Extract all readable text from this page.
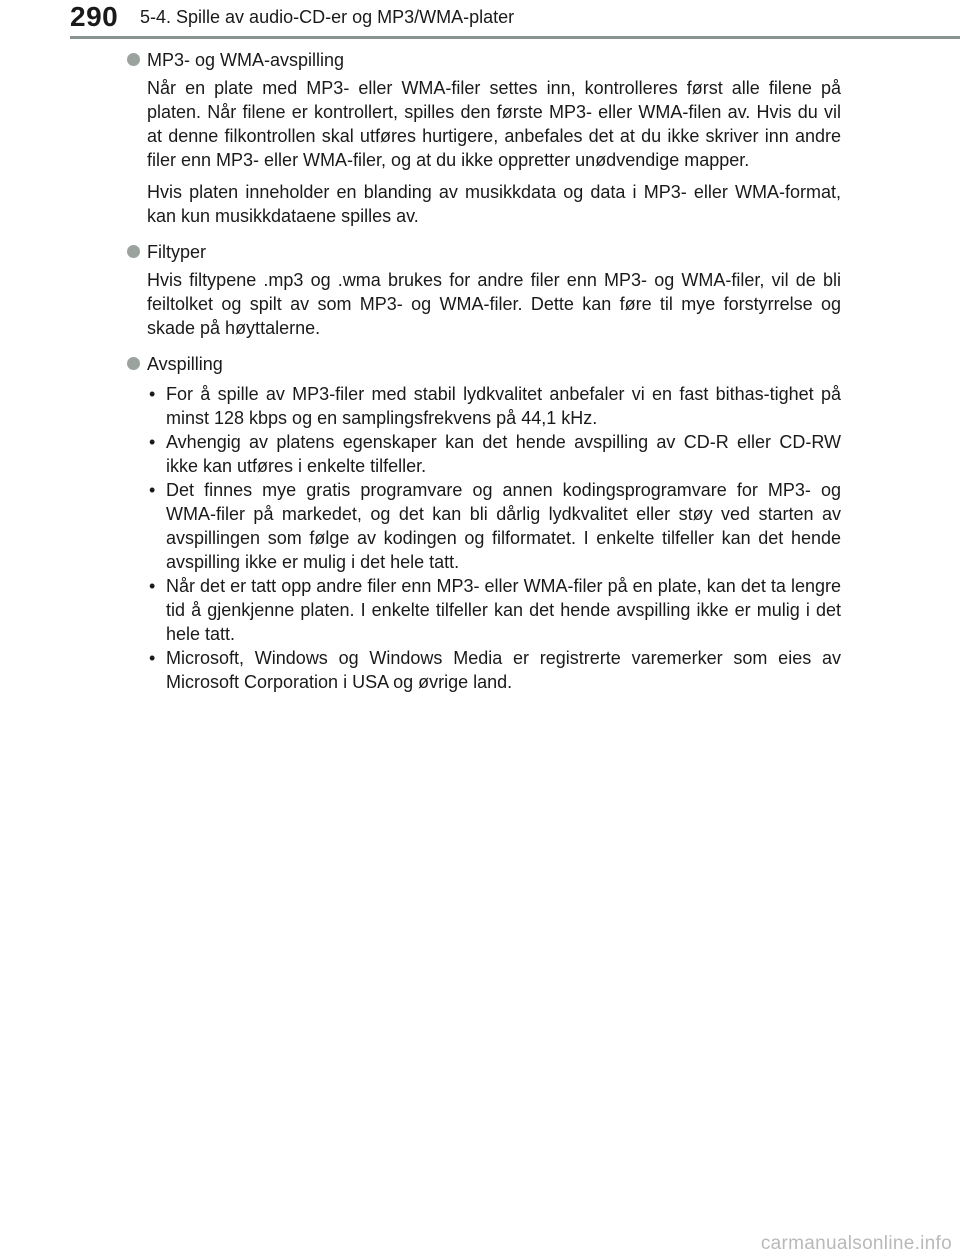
290 5-4. Spille av audio-CD-er og MP3/WMA-plater
MP3- og WMA-avspilling

Når en plate med MP3- eller WMA-filer settes inn, kontrolleres først alle filene på platen. Når filene er kontrollert, spilles den første MP3- eller WMA-filen av. Hvis du vil at denne filkontrollen skal utføres hurtigere, anbefales det at du ikke skriver inn andre filer enn MP3- eller WMA-filer, og at du ikke oppretter unødvendige mapper.

Hvis platen inneholder en blanding av musikkdata og data i MP3- eller WMA-format, kan kun musikkdataene spilles av.

Filtyper

Hvis filtypene .mp3 og .wma brukes for andre filer enn MP3- og WMA-filer, vil de bli feiltolket og spilt av som MP3- og WMA-filer. Dette kan føre til mye forstyrrelse og skade på høyttalerne.

Avspilling
• For å spille av MP3-filer med stabil lydkvalitet anbefaler vi en fast bithas-tighet på minst 128 kbps og en samplingsfrekvens på 44,1 kHz.
• Avhengig av platens egenskaper kan det hende avspilling av CD-R eller CD-RW ikke kan utføres i enkelte tilfeller.
• Det finnes mye gratis programvare og annen kodingsprogramvare for MP3- og WMA-filer på markedet, og det kan bli dårlig lydkvalitet eller støy ved starten av avspillingen som følge av kodingen og filformatet. I enkelte tilfeller kan det hende avspilling ikke er mulig i det hele tatt.
• Når det er tatt opp andre filer enn MP3- eller WMA-filer på en plate, kan det ta lengre tid å gjenkjenne platen. I enkelte tilfeller kan det hende avspilling ikke er mulig i det hele tatt.
• Microsoft, Windows og Windows Media er registrerte varemerker som eies av Microsoft Corporation i USA og øvrige land.
carmanualsonline.info
